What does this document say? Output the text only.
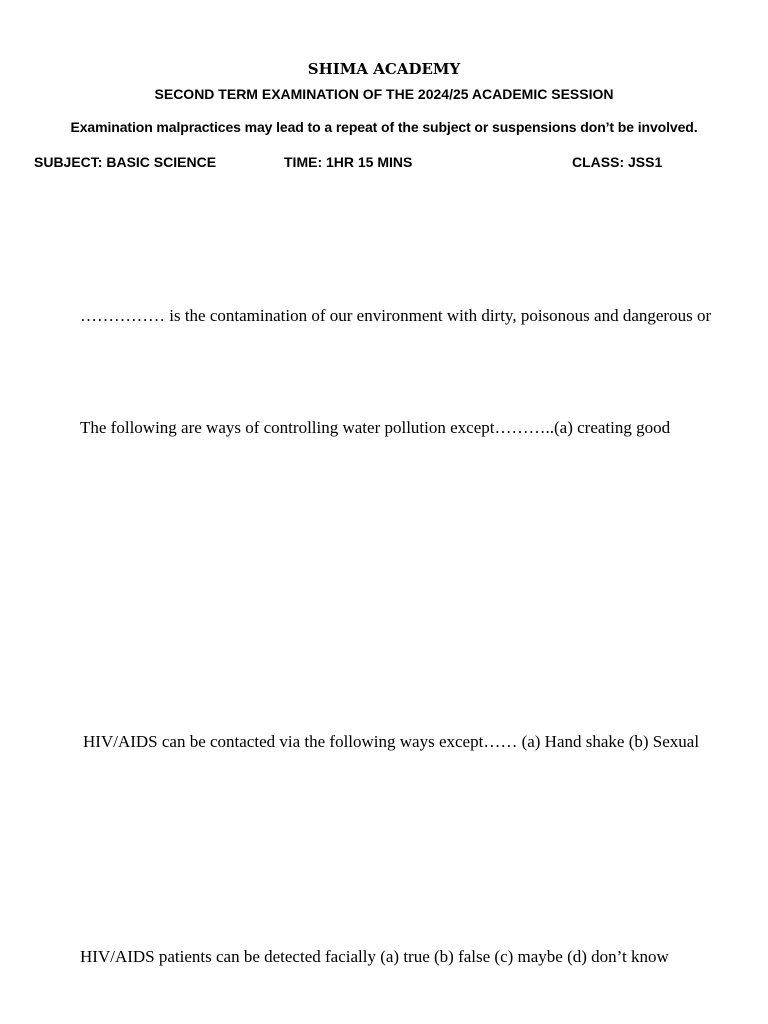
SHIMA ACADEMY
SECOND TERM EXAMINATION OF THE 2024/25 ACADEMIC SESSION
Examination malpractices may lead to a repeat of the subject or suspensions don’t be involved.
SUBJECT: BASIC SCIENCE	TIME: 1HR 15 MINS	CLASS: JSS1
…………… is the contamination of our environment with dirty, poisonous and dangerous or
The following are ways of controlling water pollution except………..(a) creating good
HIV/AIDS can be contacted via the following ways except…… (a) Hand shake (b) Sexual
HIV/AIDS patients can be detected facially (a) true (b) false (c) maybe (d) don’t know
